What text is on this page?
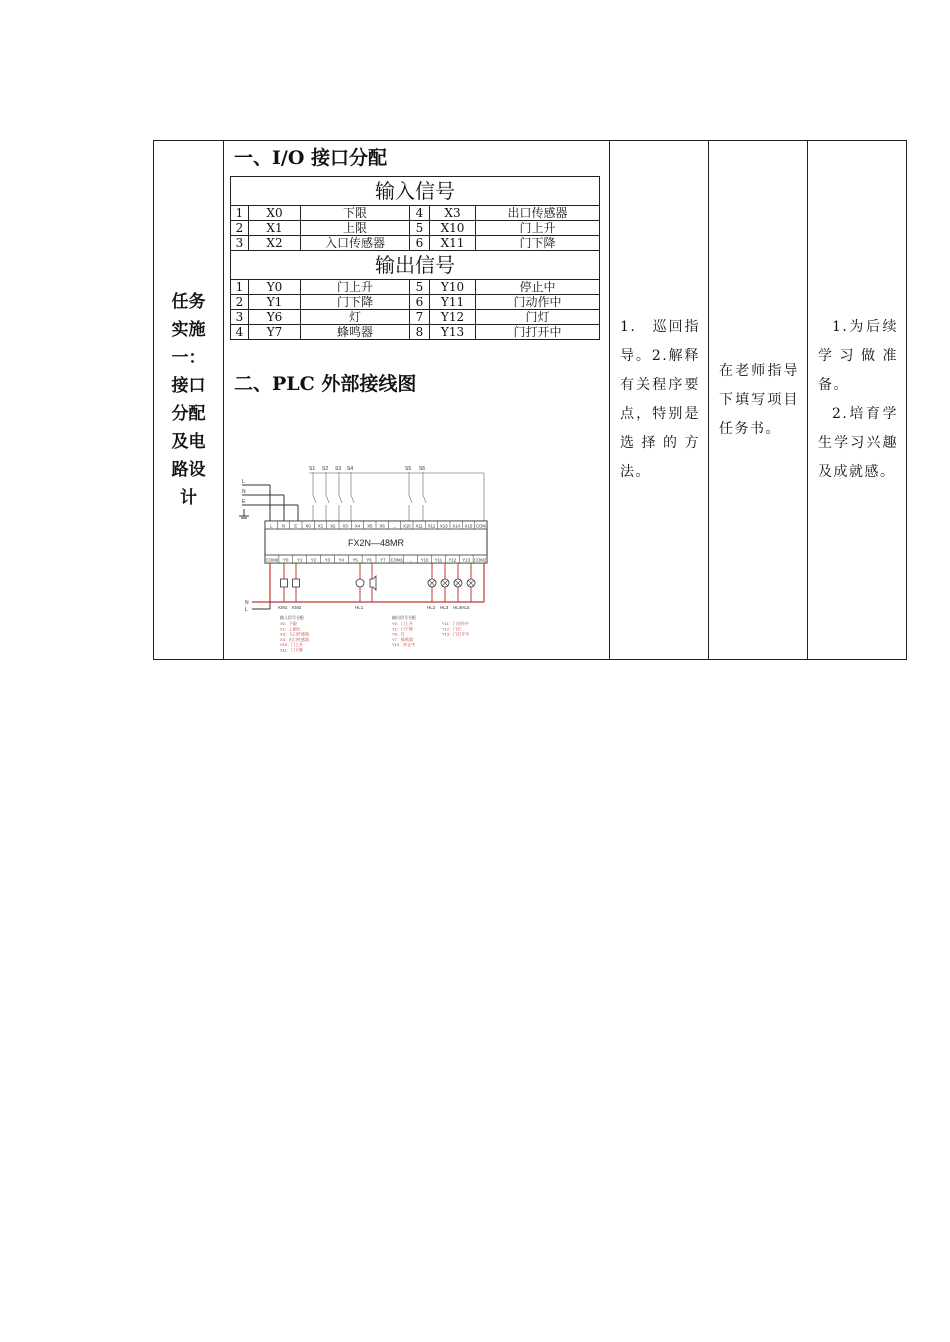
任务实施一：接口分配及电路设计

一、I/O 接口分配
输入信号
1	X0	下限	4	X3	出口传感器
2	X1	上限	5	X10	门上升
3	X2	入口传感器	6	X11	门下降
输出信号
1	Y0	门上升	5	Y10	停止中
2	Y1	门下降	6	Y11	门动作中
3	Y6	灯	7	Y12	门灯
4	Y7	蜂鸣器	8	Y13	门打开中
二、PLC 外部接线图
L
N
E
S1 S2 S3 S4	S5 S6
L N E X0 X1 X2 X3 X4 X5 X6 ... X10 X11 X12 X13 X14 X15 COM
COM0 Y0 Y1 Y2 Y3 Y4 Y5 Y6 Y7 COM1 ... Y10 Y11 Y12 Y13 COM2
FX2N—48MR
N
L	KM1 KM2	HL1	HL2 HL3 HL4HL5
输入信号分配
X0：下限
X1：上限位
X3：入口传感器
X4：出口传感器
X10：门上升
X11：门下降
输出信号分配
Y0：门上升
Y1：门下降
Y6：灯
Y7：蜂鸣器
Y10：停止中
Y11：门动作中
Y12：门灯
Y13：门打开中

1.　巡回指导。2.解释有关程序要点，特别是选择的方法。

在老师指导下填写项目任务书。

1.为后续学习做准备。
2.培育学生学习兴趣及成就感。
